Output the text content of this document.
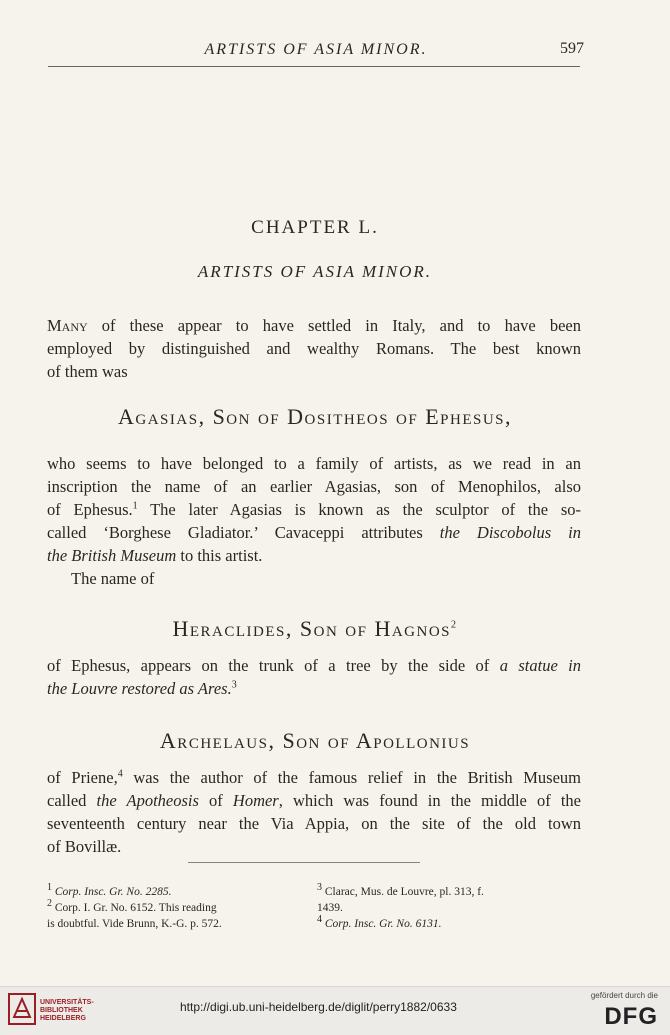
ARTISTS OF ASIA MINOR.	597
CHAPTER L.
ARTISTS OF ASIA MINOR.
Many of these appear to have settled in Italy, and to have been
employed by distinguished and wealthy Romans. The best known
of them was
Agasias, Son of Dositheos of Ephesus,
who seems to have belonged to a family of artists, as we read in an
inscription the name of an earlier Agasias, son of Menophilos, also
of Ephesus.$^1$ The later Agasias is known as the sculptor of the so-
called ‘Borghese Gladiator.’ Cavaceppi attributes the Discobolus in
the British Museum to this artist.
The name of
Heraclides, Son of Hagnos$^2$
of Ephesus, appears on the trunk of a tree by the side of a statue in
the Louvre restored as Ares.$^3$
Archelaus, Son of Apollonius
of Priene,$^4$ was the author of the famous relief in the British Museum
called the Apotheosis of Homer, which was found in the middle of the
seventeenth century near the Via Appia, on the site of the old town
of Bovillæ.
$^1$ Corp. Insc. Gr. No. 2285.
$^2$ Corp. I. Gr. No. 6152. This reading
is doubtful. Vide Brunn, K.-G. p. 572.
$^3$ Clarac, Mus. de Louvre, pl. 313, f.
1439.
$^4$ Corp. Insc. Gr. No. 6131.
UNIVERSITÄTS-
BIBLIOTHEK
HEIDELBERG
http://digi.ub.uni-heidelberg.de/diglit/perry1882/0633
gefördert durch die
DFG
